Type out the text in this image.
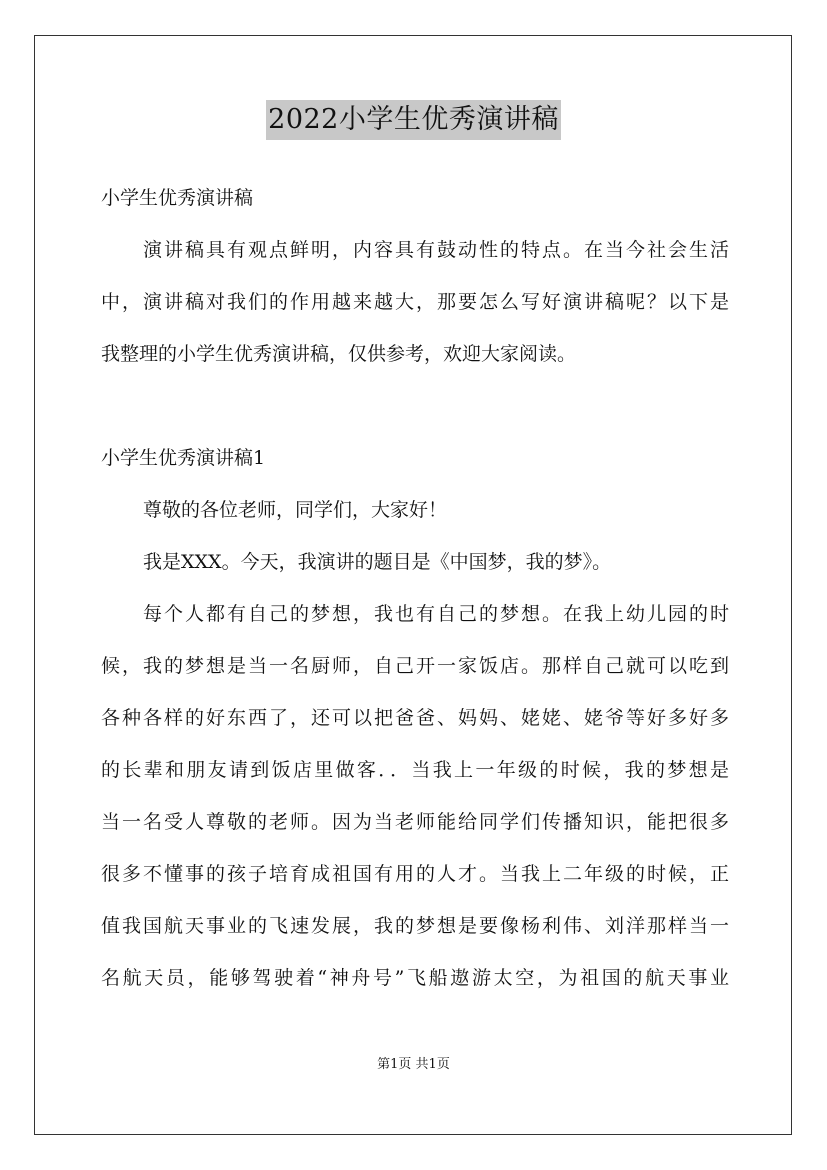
2022小学生优秀演讲稿
小学生优秀演讲稿
演讲稿具有观点鲜明，内容具有鼓动性的特点。在当今社会生活
中，演讲稿对我们的作用越来越大，那要怎么写好演讲稿呢？以下是
我整理的小学生优秀演讲稿，仅供参考，欢迎大家阅读。
小学生优秀演讲稿1
尊敬的各位老师，同学们，大家好！
我是XXX。今天，我演讲的题目是《中国梦，我的梦》。
每个人都有自己的梦想，我也有自己的梦想。在我上幼儿园的时
候，我的梦想是当一名厨师，自己开一家饭店。那样自己就可以吃到
各种各样的好东西了，还可以把爸爸、妈妈、姥姥、姥爷等好多好多
的长辈和朋友请到饭店里做客．．当我上一年级的时候，我的梦想是
当一名受人尊敬的老师。因为当老师能给同学们传播知识，能把很多
很多不懂事的孩子培育成祖国有用的人才。当我上二年级的时候，正
值我国航天事业的飞速发展，我的梦想是要像杨利伟、刘洋那样当一
名航天员，能够驾驶着“神舟号”飞船遨游太空，为祖国的航天事业
第1页 共1页
